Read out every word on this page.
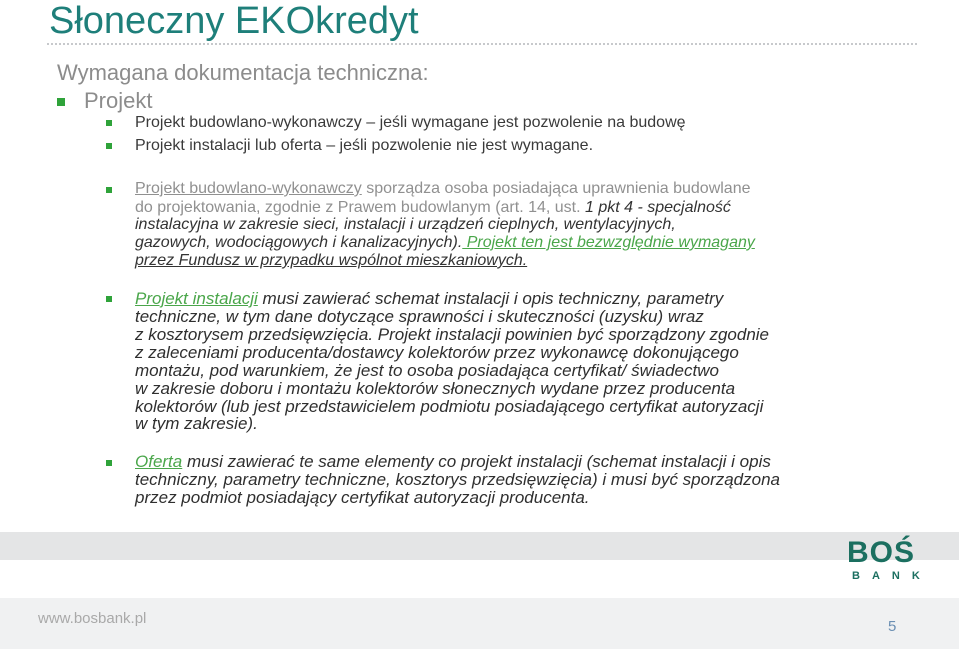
Słoneczny EKOkredyt
Wymagana dokumentacja techniczna:
Projekt
Projekt budowlano-wykonawczy – jeśli wymagane jest pozwolenie na budowę
Projekt instalacji lub oferta – jeśli pozwolenie nie jest wymagane.
Projekt budowlano-wykonawczy sporządza osoba posiadająca uprawnienia budowlane
do projektowania, zgodnie z Prawem budowlanym (art. 14, ust. 1 pkt 4 - specjalność
instalacyjna w zakresie sieci, instalacji i urządzeń cieplnych, wentylacyjnych,
gazowych, wodociągowych i kanalizacyjnych). Projekt ten jest bezwzględnie wymagany
przez Fundusz w przypadku wspólnot mieszkaniowych.
Projekt instalacji musi zawierać schemat instalacji i opis techniczny, parametry
techniczne, w tym dane dotyczące sprawności i skuteczności (uzysku) wraz
z kosztorysem przedsięwzięcia. Projekt instalacji powinien być sporządzony zgodnie
z zaleceniami producenta/dostawcy kolektorów przez wykonawcę dokonującego
montażu, pod warunkiem, że jest to osoba posiadająca certyfikat/ świadectwo
w zakresie doboru i montażu kolektorów słonecznych wydane przez producenta
kolektorów (lub jest przedstawicielem podmiotu posiadającego certyfikat autoryzacji
w tym zakresie).
Oferta musi zawierać te same elementy co projekt instalacji (schemat instalacji i opis
techniczny, parametry techniczne, kosztorys przedsięwzięcia) i musi być sporządzona
przez podmiot posiadający certyfikat autoryzacji producenta.
BOŚ
BANK
www.bosbank.pl	5
